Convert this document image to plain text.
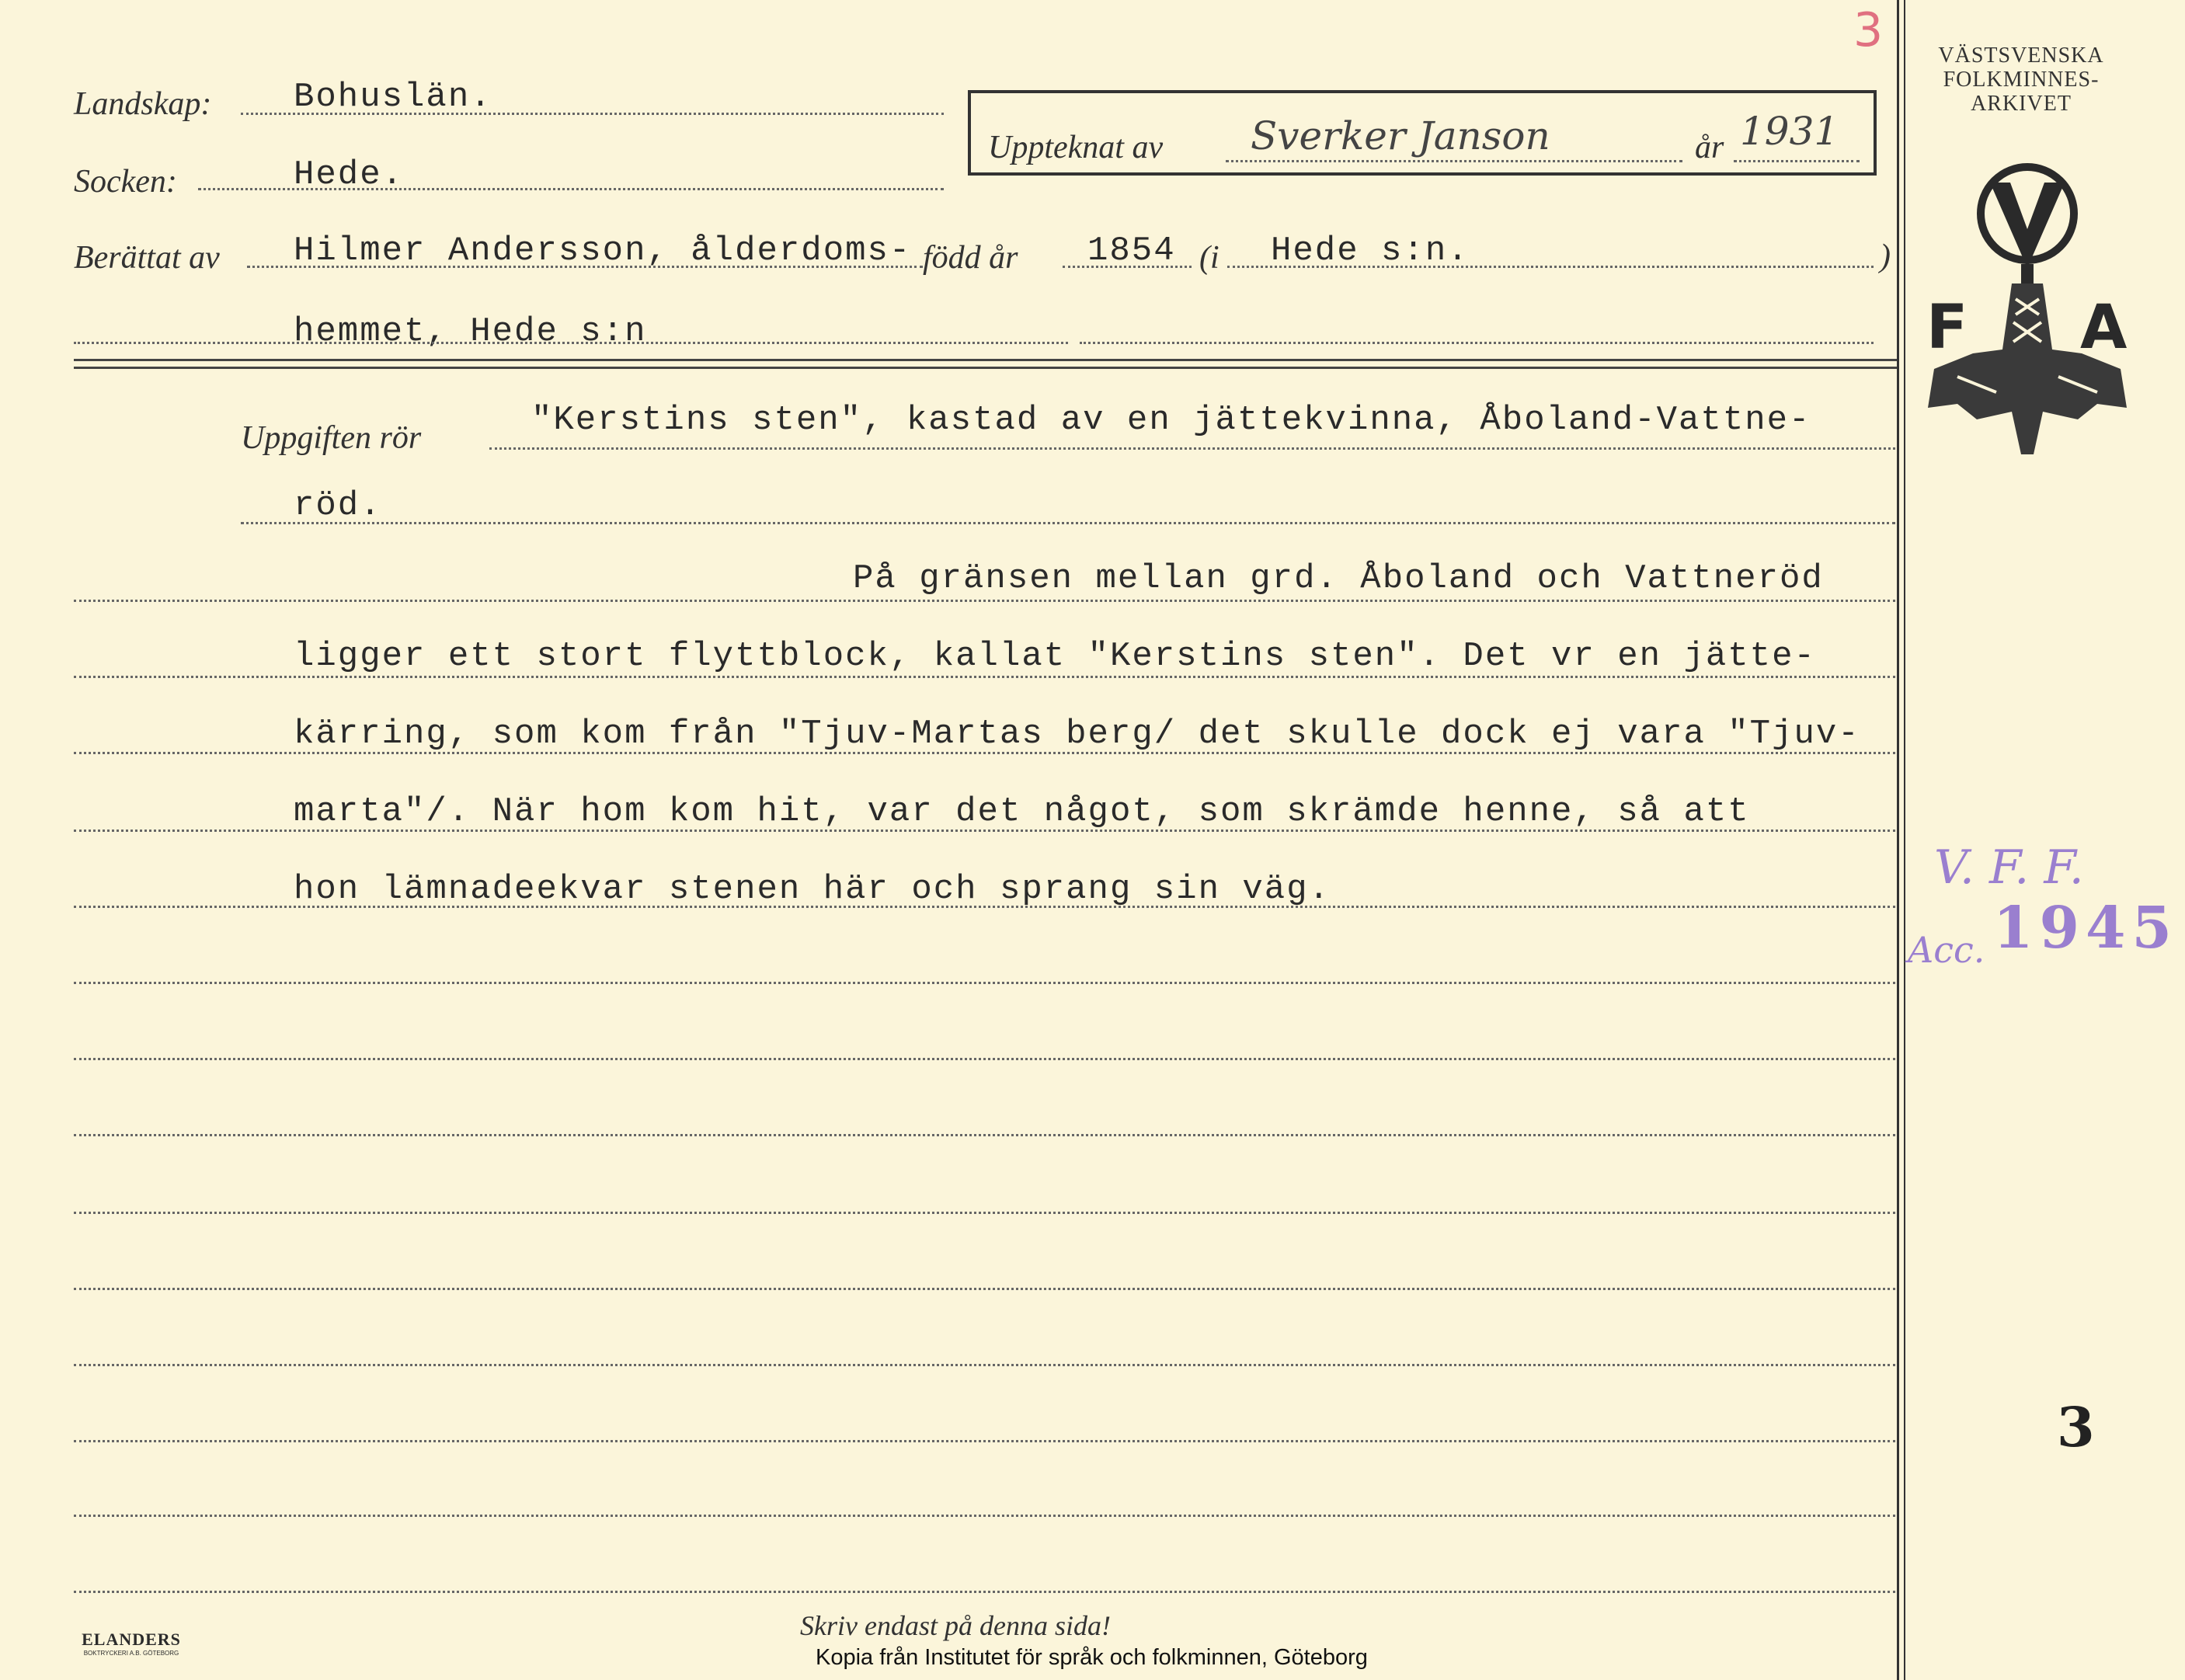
3	VÄSTSVENSKA
FOLKMINNES-
ARKIVET
F A
Landskap: Bohuslän.
Socken:	Hede.
Uppteknat av Sverker Janson	år 1931
Berättat av Hilmer Andersson, ålderdoms- född år 1854 (i Hede s:n.	)
hemmet, Hede s:n
Uppgiften rör	"Kerstins sten", kastad av en jättekvinna, Åboland-Vattne-
röd.
På gränsen mellan grd. Åboland och Vattneröd
ligger ett stort flyttblock, kallat "Kerstins sten". Det vr en jätte-
kärring, som kom från "Tjuv-Martas berg/ det skulle dock ej vara "Tjuv-
marta"/. När hom kom hit, var det något, som skrämde henne, så att
hon lämnadeekvar stenen här och sprang sin väg.	V. F. F.
Acc. 1945
3
ELANDERS
BOKTRYCKERI A.B. GÖTEBORG
Skriv endast på denna sida!
Kopia från Institutet för språk och folkminnen, Göteborg
